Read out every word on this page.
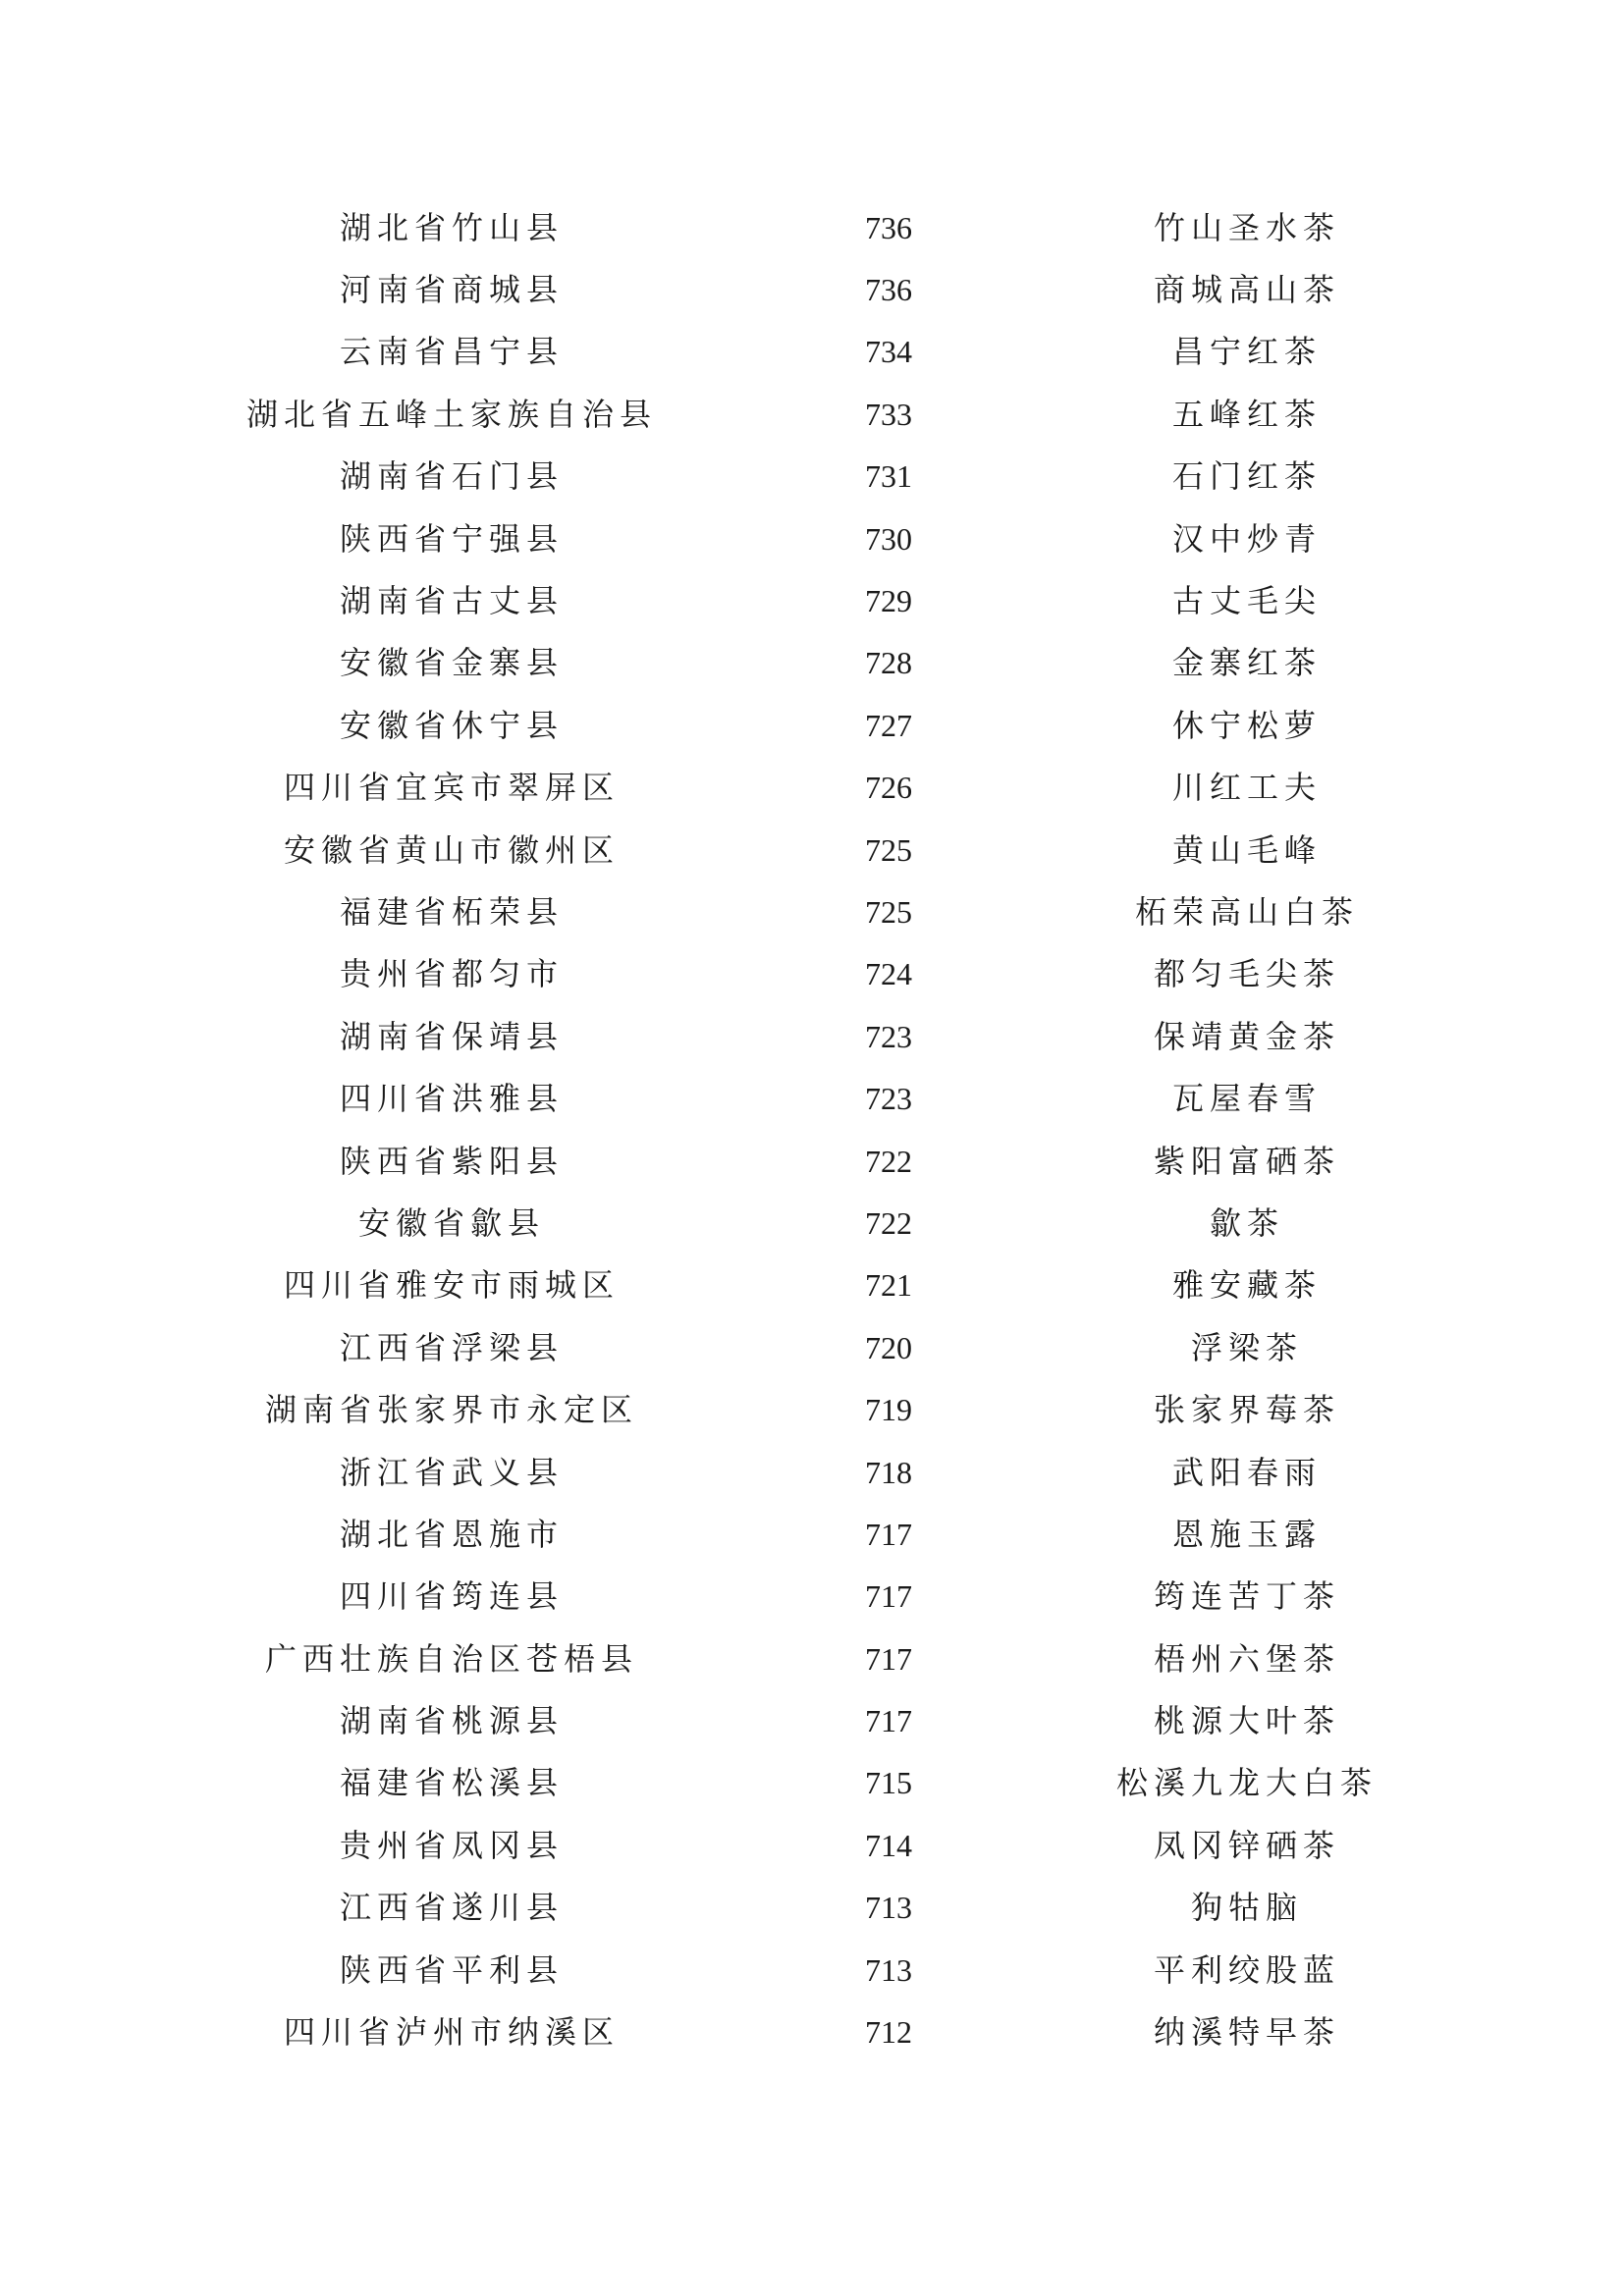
湖北省竹山县	736	竹山圣水茶
河南省商城县	736	商城高山茶
云南省昌宁县	734	昌宁红茶
湖北省五峰土家族自治县	733	五峰红茶
湖南省石门县	731	石门红茶
陕西省宁强县	730	汉中炒青
湖南省古丈县	729	古丈毛尖
安徽省金寨县	728	金寨红茶
安徽省休宁县	727	休宁松萝
四川省宜宾市翠屏区	726	川红工夫
安徽省黄山市徽州区	725	黄山毛峰
福建省柘荣县	725	柘荣高山白茶
贵州省都匀市	724	都匀毛尖茶
湖南省保靖县	723	保靖黄金茶
四川省洪雅县	723	瓦屋春雪
陕西省紫阳县	722	紫阳富硒茶
安徽省歙县	722	歙茶
四川省雅安市雨城区	721	雅安藏茶
江西省浮梁县	720	浮梁茶
湖南省张家界市永定区	719	张家界莓茶
浙江省武义县	718	武阳春雨
湖北省恩施市	717	恩施玉露
四川省筠连县	717	筠连苦丁茶
广西壮族自治区苍梧县	717	梧州六堡茶
湖南省桃源县	717	桃源大叶茶
福建省松溪县	715	松溪九龙大白茶
贵州省凤冈县	714	凤冈锌硒茶
江西省遂川县	713	狗牯脑
陕西省平利县	713	平利绞股蓝
四川省泸州市纳溪区	712	纳溪特早茶
